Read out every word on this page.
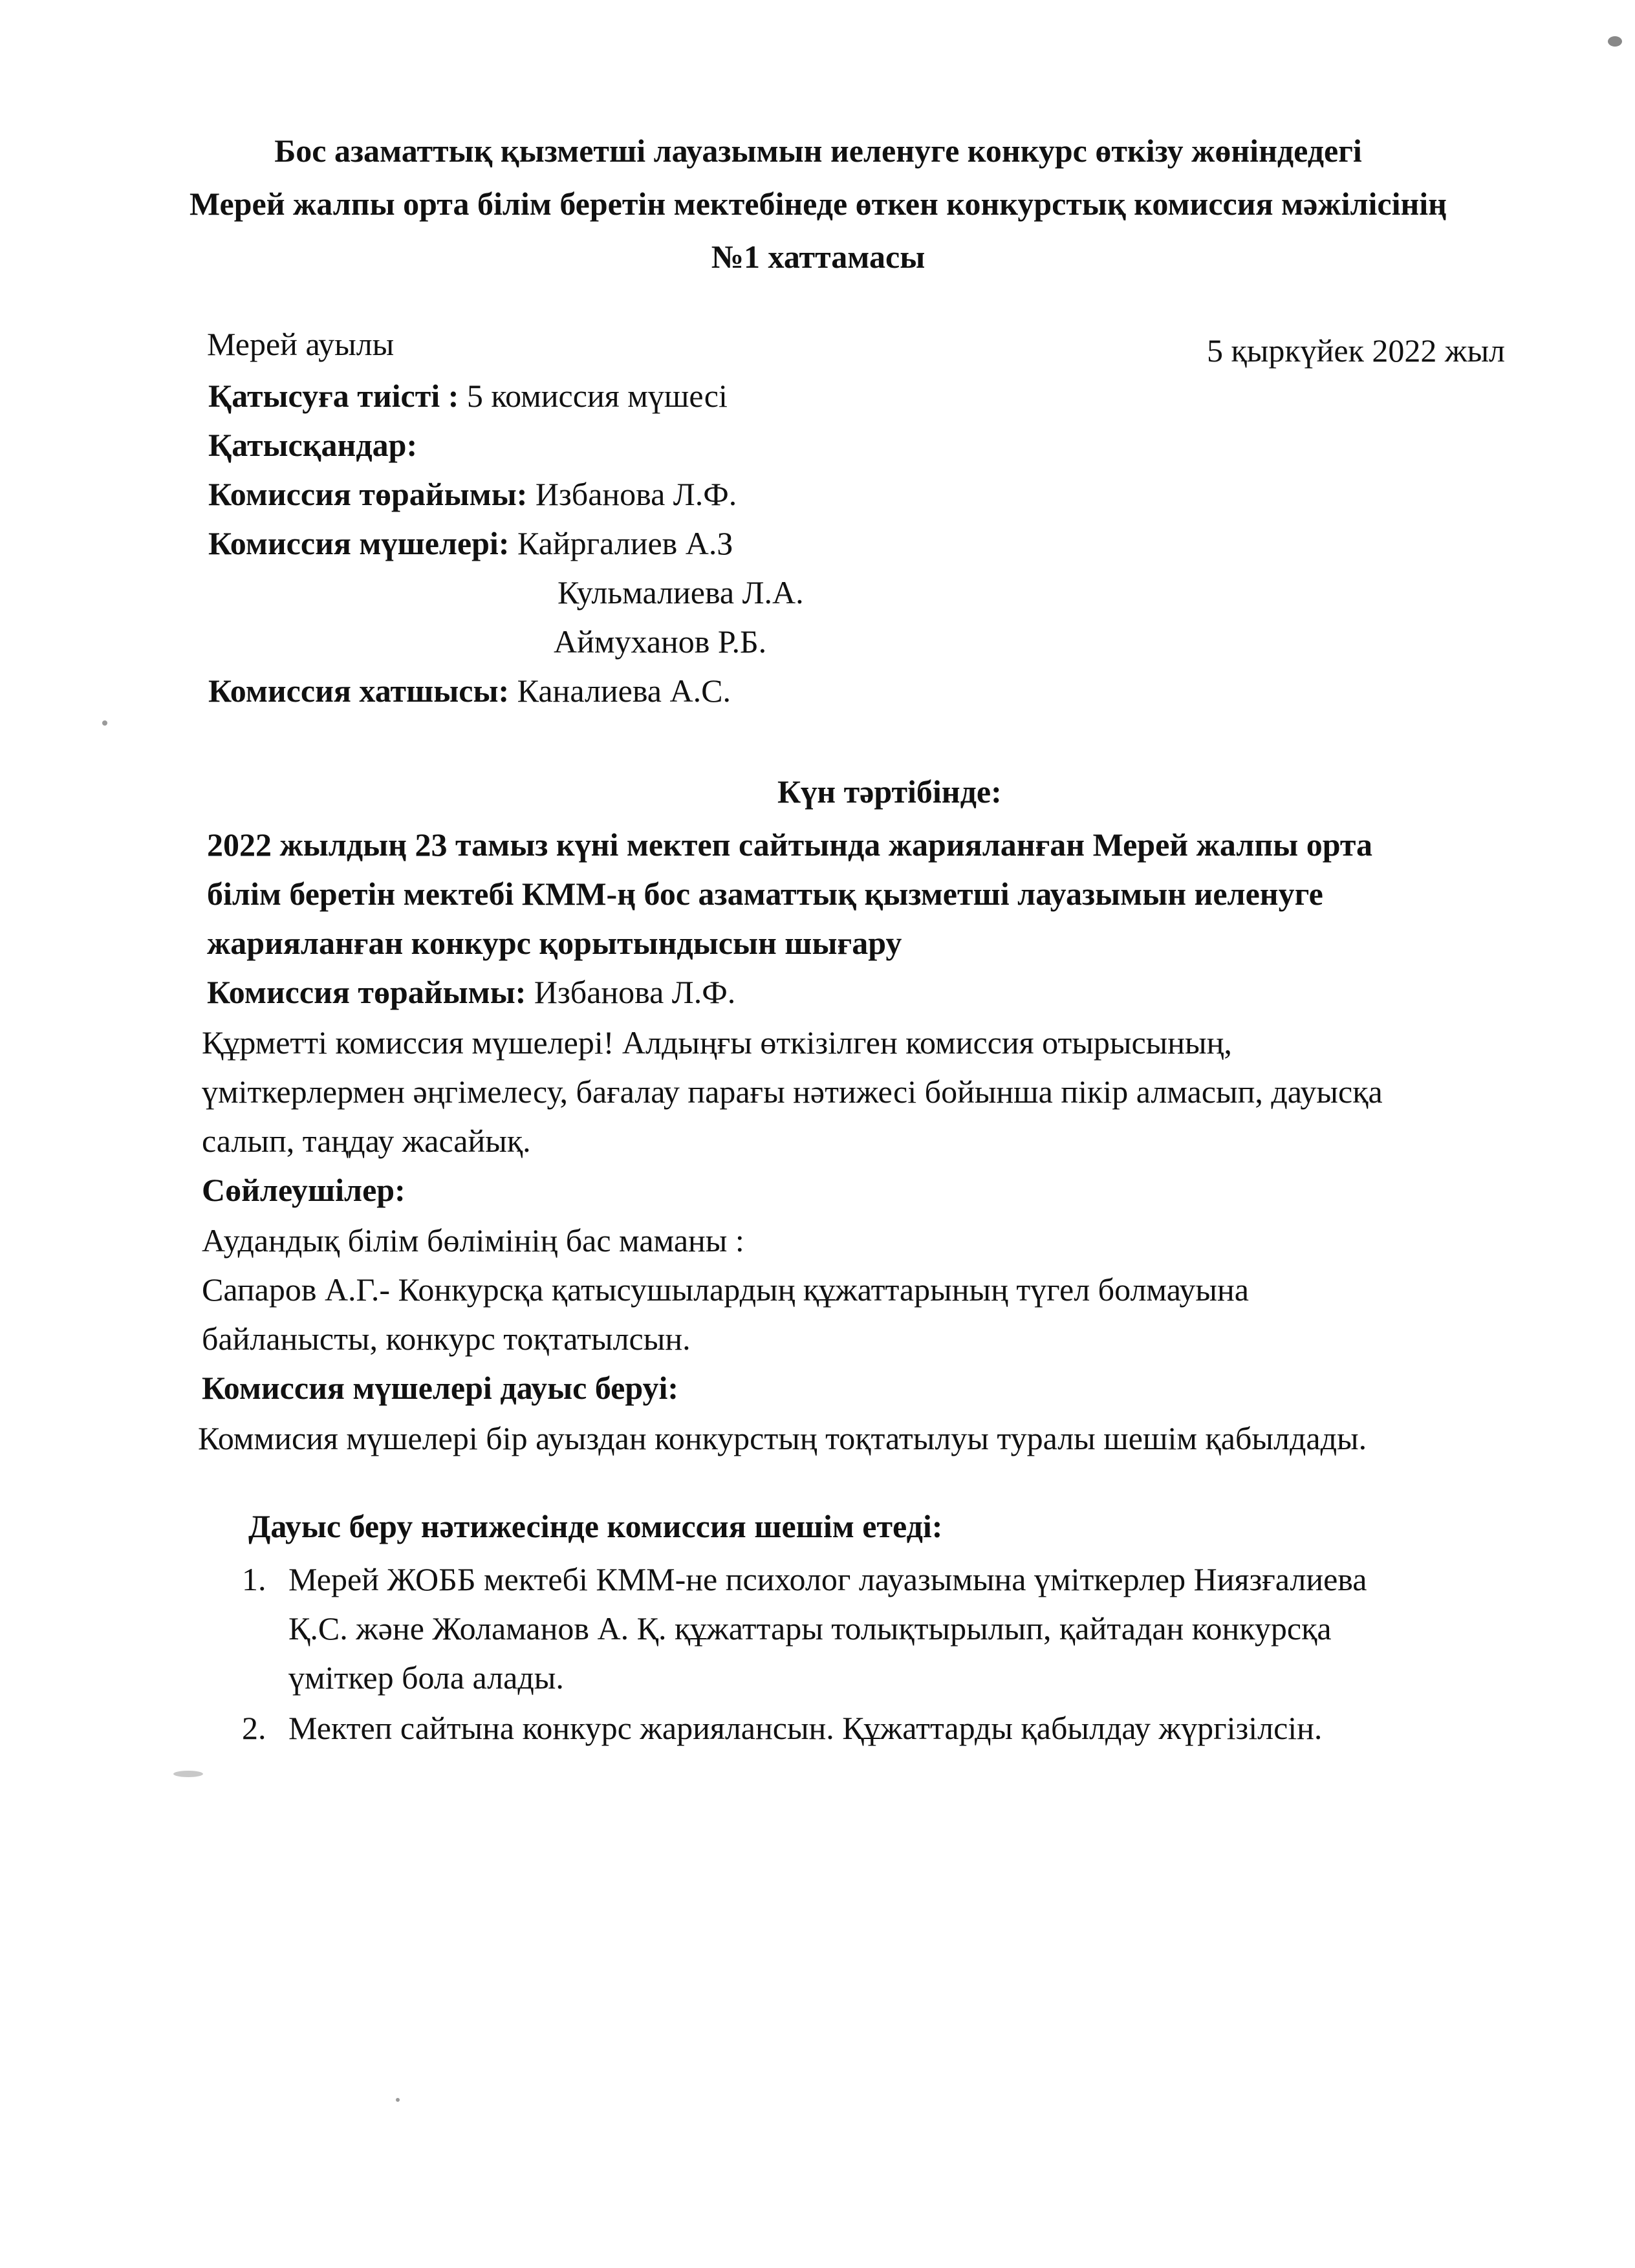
Бос азаматтық қызметші лауазымын иеленуге конкурс өткізу жөніндедегі
Мерей жалпы орта білім беретін мектебінеде өткен конкурстық комиссия мәжілісінің
№1 хаттамасы
Мерей ауылы	5 қыркүйек 2022 жыл
Қатысуға тиісті : 5 комиссия мүшесі
Қатысқандар:
Комиссия төрайымы: Избанова Л.Ф.
Комиссия мүшелері: Кайргалиев А.З
Кульмалиева Л.А.
Аймуханов Р.Б.
Комиссия хатшысы: Каналиева А.С.
Күн тәртібінде:
2022 жылдың 23 тамыз күні мектеп сайтында жарияланған Мерей жалпы орта
білім беретін мектебі КММ-ң бос азаматтық қызметші лауазымын иеленуге
жарияланған конкурс қорытындысын шығару
Комиссия төрайымы: Избанова Л.Ф.
Құрметті комиссия мүшелері! Алдыңғы өткізілген комиссия отырысының,
үміткерлермен әңгімелесу, бағалау парағы нәтижесі бойынша пікір алмасып, дауысқа
салып, таңдау жасайық.
Сөйлеушілер:
Аудандық білім бөлімінің бас маманы :
Сапаров А.Г.- Конкурсқа қатысушылардың құжаттарының түгел болмауына
байланысты, конкурс тоқтатылсын.
Комиссия мүшелері дауыс беруі:
Коммисия мүшелері бір ауыздан конкурстың тоқтатылуы туралы шешім қабылдады.
Дауыс беру нәтижесінде комиссия шешім етеді:
1. Мерей ЖОББ мектебі КММ-не психолог лауазымына үміткерлер Ниязғалиева
Қ.С. және Жоламанов А. Қ. құжаттары толықтырылып, қайтадан конкурсқа
үміткер бола алады.
2. Мектеп сайтына конкурс жариялансын. Құжаттарды қабылдау жүргізілсін.
